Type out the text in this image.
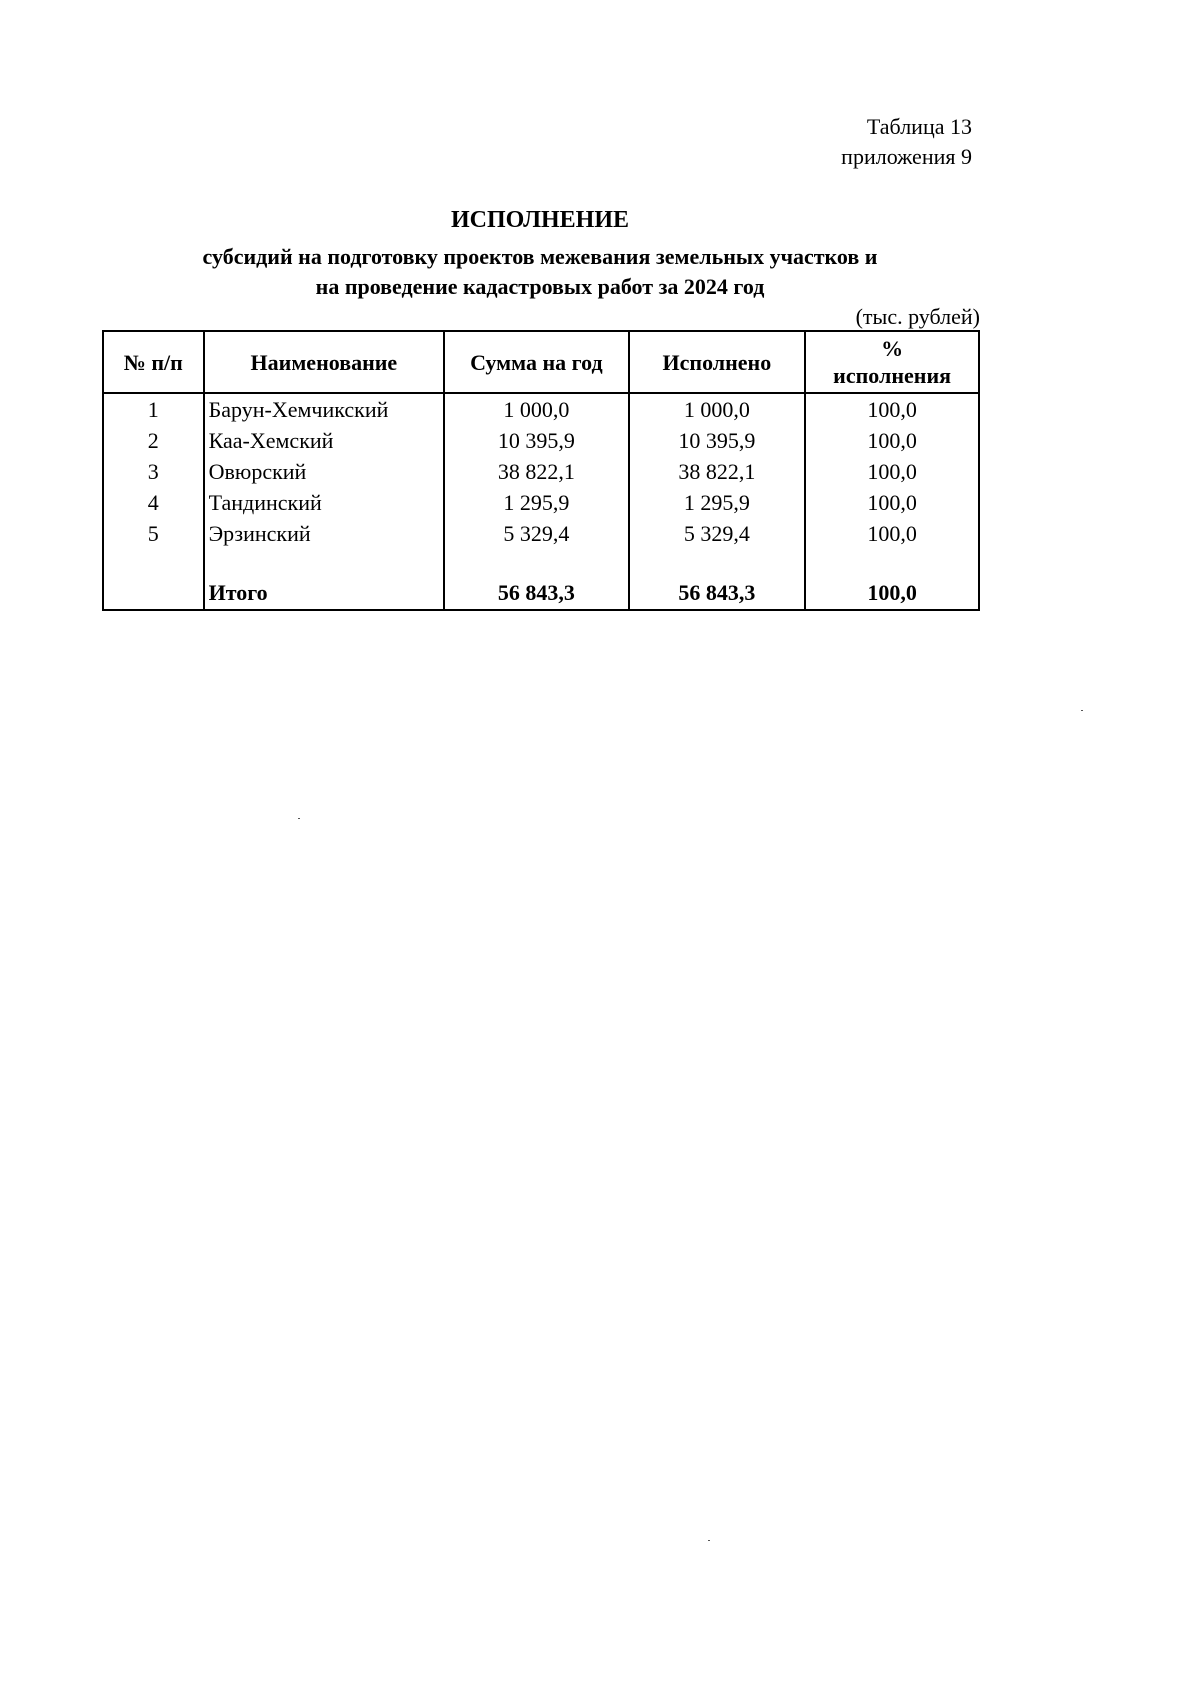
Таблица 13
приложения 9
ИСПОЛНЕНИЕ
субсидий на подготовку проектов межевания земельных участков и
на проведение кадастровых работ за 2024 год
(тыс. рублей)
№ п/п	Наименование	Сумма на год	Исполнено	%
исполнения

1	Барун-Хемчикский	1 000,0	1 000,0	100,0
2	Каа-Хемский	10 395,9	10 395,9	100,0
3	Овюрский	38 822,1	38 822,1	100,0
4	Тандинский	1 295,9	1 295,9	100,0
5	Эрзинский	5 329,4	5 329,4	100,0

	Итого	56 843,3	56 843,3	100,0
